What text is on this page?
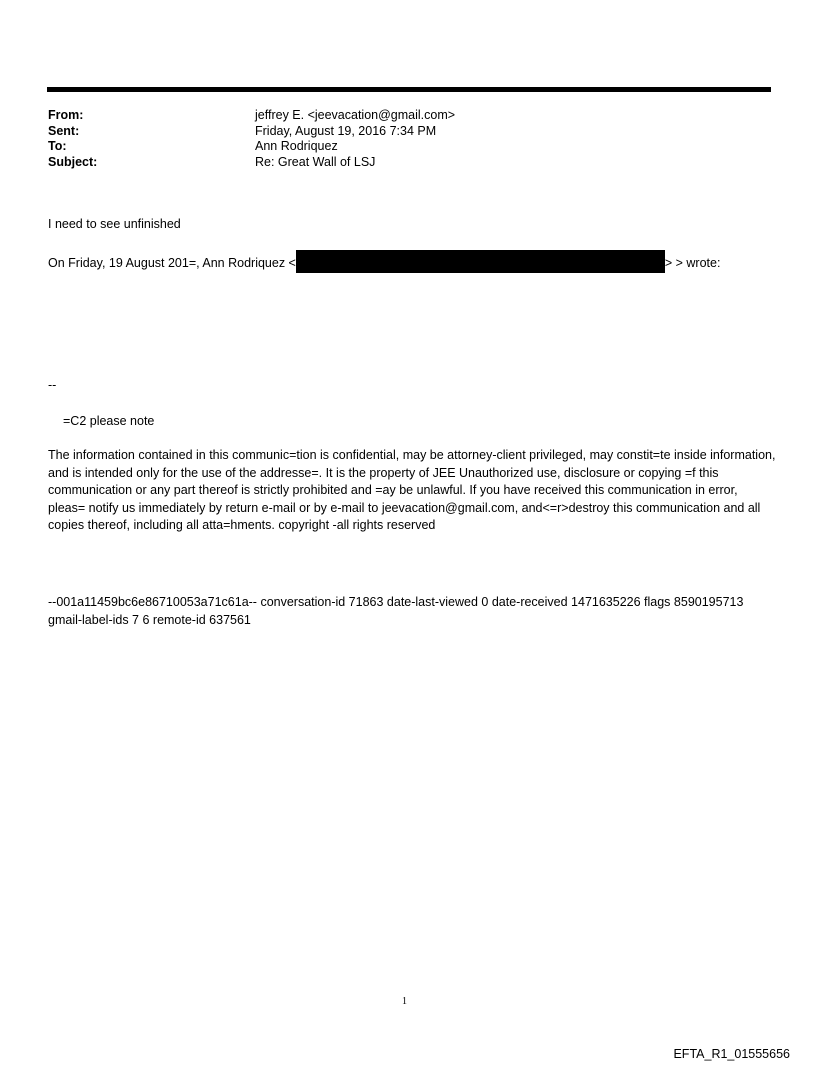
From:	jeffrey E. <jeevacation@gmail.com>
Sent:	Friday, August 19, 2016 7:34 PM
To:	Ann Rodriquez
Subject:	Re: Great Wall of LSJ
I need to see unfinished
On Friday, 19 August 201=, Ann Rodriquez <	> > wrote:
--
=C2 please note
The information contained in this communic=tion is confidential, may be attorney-client privileged, may constit=te inside information, and is intended only for the use of the addresse=. It is the property of JEE Unauthorized use, disclosure or copying =f this communication or any part thereof is strictly prohibited and =ay be unlawful. If you have received this communication in error, pleas= notify us immediately by return e-mail or by e-mail to jeevacation@gmail.com, and<=r>destroy this communication and all copies thereof, including all atta=hments. copyright -all rights reserved
--001a11459bc6e86710053a71c61a-- conversation-id 71863 date-last-viewed 0 date-received 1471635226 flags 8590195713 gmail-label-ids 7 6 remote-id 637561
1
EFTA_R1_01555656
